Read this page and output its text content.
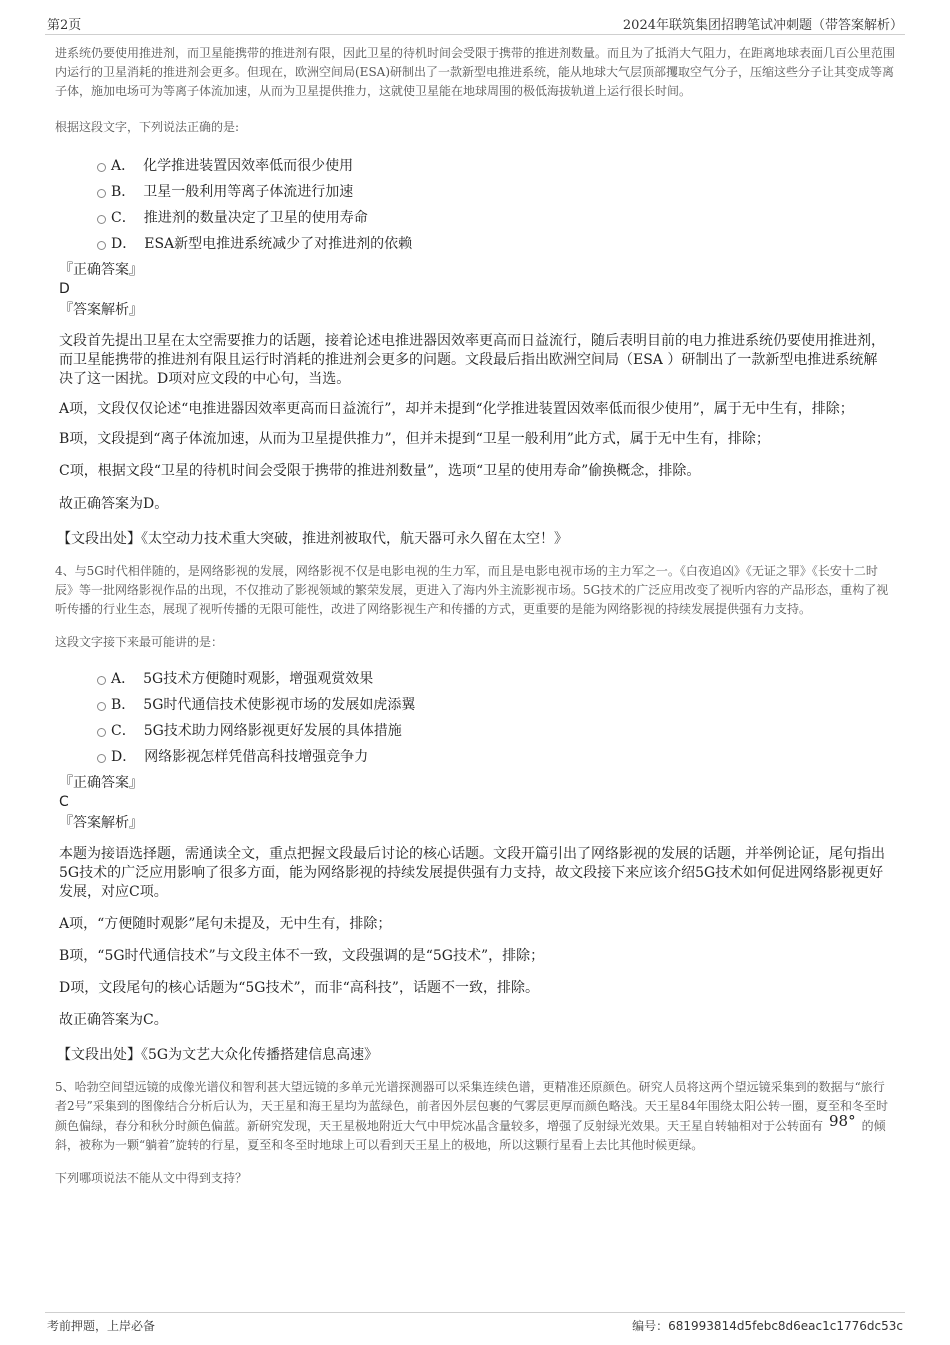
第2页	2024年联筑集团招聘笔试冲刺题（带答案解析）

进系统仍要使用推进剂，而卫星能携带的推进剂有限，因此卫星的待机时间会受限于携带的推进剂数量。而且为了抵消大气阻力，在距离地球表面几百公里范围内运行的卫星消耗的推进剂会更多。但现在，欧洲空间局(ESA)研制出了一款新型电推进系统，能从地球大气层顶部攫取空气分子，压缩这些分子让其变成等离子体，施加电场可为等离子体流加速，从而为卫星提供推力，这就使卫星能在地球周围的极低海拔轨道上运行很长时间。

根据这段文字，下列说法正确的是:

A． 化学推进装置因效率低而很少使用
B． 卫星一般利用等离子体流进行加速
C． 推进剂的数量决定了卫星的使用寿命
D． ESA新型电推进系统减少了对推进剂的依赖
『正确答案』
D
『答案解析』

文段首先提出卫星在太空需要推力的话题，接着论述电推进器因效率更高而日益流行，随后表明目前的电力推进系统仍要使用推进剂，而卫星能携带的推进剂有限且运行时消耗的推进剂会更多的问题。文段最后指出欧洲空间局（ESA ）研制出了一款新型电推进系统解决了这一困扰。D项对应文段的中心句，当选。

A项，文段仅仅论述“电推进器因效率更高而日益流行”，却并未提到“化学推进装置因效率低而很少使用”，属于无中生有，排除；

B项，文段提到“离子体流加速，从而为卫星提供推力”，但并未提到“卫星一般利用”此方式，属于无中生有，排除；

C项，根据文段“卫星的待机时间会受限于携带的推进剂数量”，选项“卫星的使用寿命”偷换概念，排除。

故正确答案为D。

【文段出处】《太空动力技术重大突破，推进剂被取代，航天器可永久留在太空！》

4、与5G时代相伴随的，是网络影视的发展，网络影视不仅是电影电视的生力军，而且是电影电视市场的主力军之一。《白夜追凶》《无证之罪》《长安十二时辰》等一批网络影视作品的出现，不仅推动了影视领域的繁荣发展，更进入了海内外主流影视市场。5G技术的广泛应用改变了视听内容的产品形态，重构了视听传播的行业生态，展现了视听传播的无限可能性，改进了网络影视生产和传播的方式，更重要的是能为网络影视的持续发展提供强有力支持。

这段文字接下来最可能讲的是：

A． 5G技术方便随时观影，增强观赏效果
B． 5G时代通信技术使影视市场的发展如虎添翼
C． 5G技术助力网络影视更好发展的具体措施
D． 网络影视怎样凭借高科技增强竞争力
『正确答案』
C
『答案解析』

本题为接语选择题，需通读全文，重点把握文段最后讨论的核心话题。文段开篇引出了网络影视的发展的话题，并举例论证，尾句指出5G技术的广泛应用影响了很多方面，能为网络影视的持续发展提供强有力支持，故文段接下来应该介绍5G技术如何促进网络影视更好发展，对应C项。

A项，“方便随时观影”尾句未提及，无中生有，排除；

B项，“5G时代通信技术”与文段主体不一致，文段强调的是“5G技术”，排除；

D项，文段尾句的核心话题为“5G技术”，而非“高科技”，话题不一致，排除。

故正确答案为C。

【文段出处】《5G为文艺大众化传播搭建信息高速》

5、哈勃空间望远镜的成像光谱仪和智利甚大望远镜的多单元光谱探测器可以采集连续色谱，更精准还原颜色。研究人员将这两个望远镜采集到的数据与“旅行者2号”采集到的图像结合分析后认为，天王星和海王星均为蓝绿色，前者因外层包裹的气雾层更厚而颜色略浅。天王星84年围绕太阳公转一圈，夏至和冬至时颜色偏绿，春分和秋分时颜色偏蓝。新研究发现，天王星极地附近大气中甲烷冰晶含量较多，增强了反射绿光效果。天王星自转轴相对于公转面有 98° 的倾斜，被称为一颗“躺着”旋转的行星，夏至和冬至时地球上可以看到天王星上的极地，所以这颗行星看上去比其他时候更绿。

下列哪项说法不能从文中得到支持？

考前押题，上岸必备	编号：681993814d5febc8d6eac1c1776dc53c
